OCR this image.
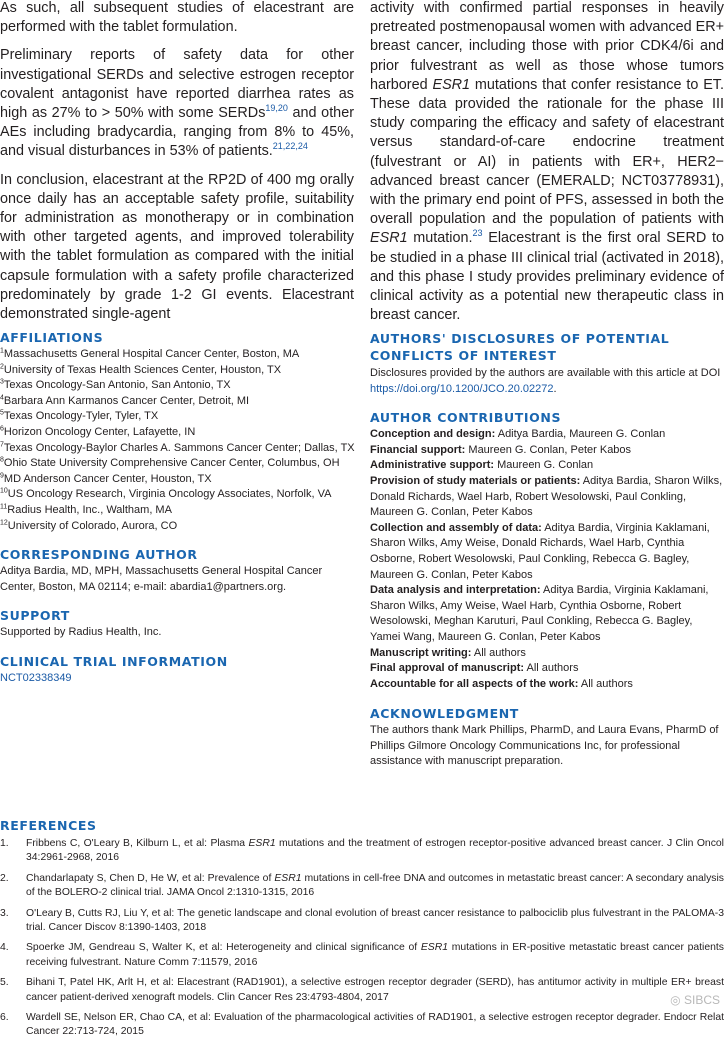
As such, all subsequent studies of elacestrant are performed with the tablet formulation.

Preliminary reports of safety data for other investigational SERDs and selective estrogen receptor covalent antagonist have reported diarrhea rates as high as 27% to > 50% with some SERDs$^{19,20}$ and other AEs including bradycardia, ranging from 8% to 45%, and visual disturbances in 53% of patients.$^{21,22,24}$

In conclusion, elacestrant at the RP2D of 400 mg orally once daily has an acceptable safety profile, suitability for administration as monotherapy or in combination with other targeted agents, and improved tolerability with the tablet formulation as compared with the initial capsule formulation with a safety profile characterized predominately by grade 1-2 GI events. Elacestrant demonstrated single-agent

activity with confirmed partial responses in heavily pretreated postmenopausal women with advanced ER+ breast cancer, including those with prior CDK4/6i and prior fulvestrant as well as those whose tumors harbored ESR1 mutations that confer resistance to ET. These data provided the rationale for the phase III study comparing the efficacy and safety of elacestrant versus standard-of-care endocrine treatment (fulvestrant or AI) in patients with ER+, HER2− advanced breast cancer (EMERALD; NCT03778931), with the primary end point of PFS, assessed in both the overall population and the population of patients with ESR1 mutation.$^{23}$ Elacestrant is the first oral SERD to be studied in a phase III clinical trial (activated in 2018), and this phase I study provides preliminary evidence of clinical activity as a potential new therapeutic class in breast cancer.

AFFILIATIONS
$^1$Massachusetts General Hospital Cancer Center, Boston, MA
$^2$University of Texas Health Sciences Center, Houston, TX
$^3$Texas Oncology-San Antonio, San Antonio, TX
$^4$Barbara Ann Karmanos Cancer Center, Detroit, MI
$^5$Texas Oncology-Tyler, Tyler, TX
$^6$Horizon Oncology Center, Lafayette, IN
$^7$Texas Oncology-Baylor Charles A. Sammons Cancer Center; Dallas, TX
$^8$Ohio State University Comprehensive Cancer Center, Columbus, OH
$^9$MD Anderson Cancer Center, Houston, TX
$^{10}$US Oncology Research, Virginia Oncology Associates, Norfolk, VA
$^{11}$Radius Health, Inc., Waltham, MA
$^{12}$University of Colorado, Aurora, CO
CORRESPONDING AUTHOR
Aditya Bardia, MD, MPH, Massachusetts General Hospital Cancer Center, Boston, MA 02114; e-mail: abardia1@partners.org.
SUPPORT
Supported by Radius Health, Inc.
CLINICAL TRIAL INFORMATION
NCT02338349
AUTHORS' DISCLOSURES OF POTENTIAL CONFLICTS OF INTEREST
Disclosures provided by the authors are available with this article at DOI https://doi.org/10.1200/JCO.20.02272.
AUTHOR CONTRIBUTIONS
Conception and design: Aditya Bardia, Maureen G. Conlan
Financial support: Maureen G. Conlan, Peter Kabos
Administrative support: Maureen G. Conlan
Provision of study materials or patients: Aditya Bardia, Sharon Wilks, Donald Richards, Wael Harb, Robert Wesolowski, Paul Conkling, Maureen G. Conlan, Peter Kabos
Collection and assembly of data: Aditya Bardia, Virginia Kaklamani, Sharon Wilks, Amy Weise, Donald Richards, Wael Harb, Cynthia Osborne, Robert Wesolowski, Paul Conkling, Rebecca G. Bagley, Maureen G. Conlan, Peter Kabos
Data analysis and interpretation: Aditya Bardia, Virginia Kaklamani, Sharon Wilks, Amy Weise, Wael Harb, Cynthia Osborne, Robert Wesolowski, Meghan Karuturi, Paul Conkling, Rebecca G. Bagley, Yamei Wang, Maureen G. Conlan, Peter Kabos
Manuscript writing: All authors
Final approval of manuscript: All authors
Accountable for all aspects of the work: All authors
ACKNOWLEDGMENT
The authors thank Mark Phillips, PharmD, and Laura Evans, PharmD of Phillips Gilmore Oncology Communications Inc, for professional assistance with manuscript preparation.
REFERENCES
1. Fribbens C, O'Leary B, Kilburn L, et al: Plasma ESR1 mutations and the treatment of estrogen receptor-positive advanced breast cancer. J Clin Oncol 34:2961-2968, 2016
2. Chandarlapaty S, Chen D, He W, et al: Prevalence of ESR1 mutations in cell-free DNA and outcomes in metastatic breast cancer: A secondary analysis of the BOLERO-2 clinical trial. JAMA Oncol 2:1310-1315, 2016
3. O'Leary B, Cutts RJ, Liu Y, et al: The genetic landscape and clonal evolution of breast cancer resistance to palbociclib plus fulvestrant in the PALOMA-3 trial. Cancer Discov 8:1390-1403, 2018
4. Spoerke JM, Gendreau S, Walter K, et al: Heterogeneity and clinical significance of ESR1 mutations in ER-positive metastatic breast cancer patients receiving fulvestrant. Nature Comm 7:11579, 2016
5. Bihani T, Patel HK, Arlt H, et al: Elacestrant (RAD1901), a selective estrogen receptor degrader (SERD), has antitumor activity in multiple ER+ breast cancer patient-derived xenograft models. Clin Cancer Res 23:4793-4804, 2017
6. Wardell SE, Nelson ER, Chao CA, et al: Evaluation of the pharmacological activities of RAD1901, a selective estrogen receptor degrader. Endocr Relat Cancer 22:713-724, 2015
◎ SIBCS
